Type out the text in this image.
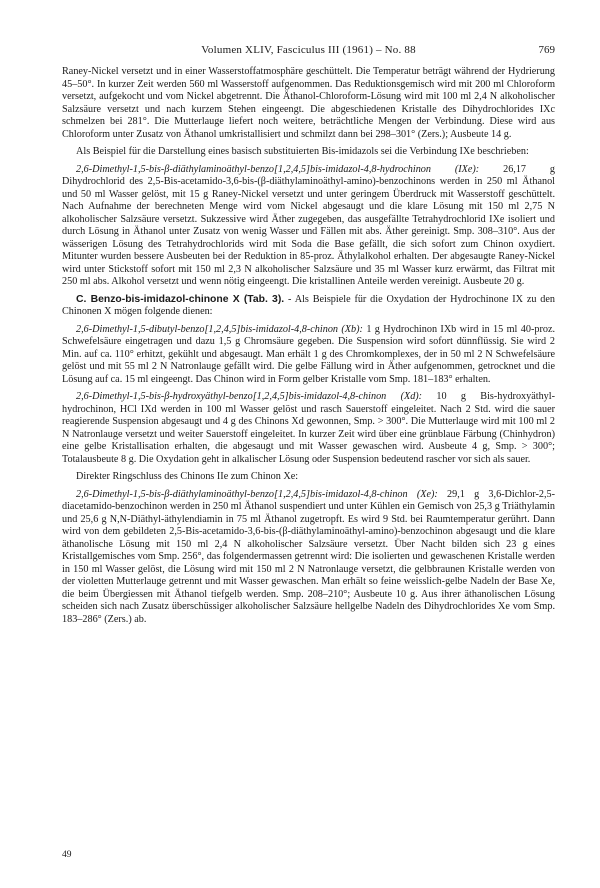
Volumen XLIV, Fasciculus III (1961) – No. 88	769

Raney-Nickel versetzt und in einer Wasserstoffatmosphäre geschüttelt. Die Temperatur beträgt während der Hydrierung 45–50°. In kurzer Zeit werden 560 ml Wasserstoff aufgenommen. Das Reduktionsgemisch wird mit 200 ml Chloroform versetzt, aufgekocht und vom Nickel abgetrennt. Die Äthanol-Chloroform-Lösung wird mit 100 ml 2,4 N alkoholischer Salzsäure versetzt und nach kurzem Stehen eingeengt. Die abgeschiedenen Kristalle des Dihydrochlorides IXc schmelzen bei 281°. Die Mutterlauge liefert noch weitere, beträchtliche Mengen der Verbindung. Diese wird aus Chloroform unter Zusatz von Äthanol umkristallisiert und schmilzt dann bei 298–301° (Zers.); Ausbeute 14 g.

Als Beispiel für die Darstellung eines basisch substituierten Bis-imidazols sei die Verbindung IXe beschrieben:

2,6-Dimethyl-1,5-bis-β-diäthylaminoäthyl-benzo[1,2,4,5]bis-imidazol-4,8-hydrochinon (IXe): 26,17 g Dihydrochlorid des 2,5-Bis-acetamido-3,6-bis-(β-diäthylaminoäthyl-amino)-benzochinons werden in 250 ml Äthanol und 50 ml Wasser gelöst, mit 15 g Raney-Nickel versetzt und unter geringem Überdruck mit Wasserstoff geschüttelt. Nach Aufnahme der berechneten Menge wird vom Nickel abgesaugt und die klare Lösung mit 150 ml 2,75 N alkoholischer Salzsäure versetzt. Sukzessive wird Äther zugegeben, das ausgefällte Tetrahydrochlorid IXe isoliert und durch Lösung in Äthanol unter Zusatz von wenig Wasser und Fällen mit abs. Äther gereinigt. Smp. 308–310°. Aus der wässerigen Lösung des Tetrahydrochlorids wird mit Soda die Base gefällt, die sich sofort zum Chinon oxydiert. Mitunter wurden bessere Ausbeuten bei der Reduktion in 85-proz. Äthylalkohol erhalten. Der abgesaugte Raney-Nickel wird unter Stickstoff sofort mit 150 ml 2,3 N alkoholischer Salzsäure und 35 ml Wasser kurz erwärmt, das Filtrat mit 250 ml abs. Alkohol versetzt und wenn nötig eingeengt. Die kristallinen Anteile werden vereinigt. Ausbeute 20 g.

C. Benzo-bis-imidazol-chinone X (Tab. 3). - Als Beispiele für die Oxydation der Hydrochinone IX zu den Chinonen X mögen folgende dienen:

2,6-Dimethyl-1,5-dibutyl-benzo[1,2,4,5]bis-imidazol-4,8-chinon (Xb): 1 g Hydrochinon IXb wird in 15 ml 40-proz. Schwefelsäure eingetragen und dazu 1,5 g Chromsäure gegeben. Die Suspension wird sofort dünnflüssig. Sie wird 2 Min. auf ca. 110° erhitzt, gekühlt und abgesaugt. Man erhält 1 g des Chromkomplexes, der in 50 ml 2 N Schwefelsäure gelöst und mit 55 ml 2 N Natronlauge gefällt wird. Die gelbe Fällung wird in Äther aufgenommen, getrocknet und die Lösung auf ca. 15 ml eingeengt. Das Chinon wird in Form gelber Kristalle vom Smp. 181–183° erhalten.

2,6-Dimethyl-1,5-bis-β-hydroxyäthyl-benzo[1,2,4,5]bis-imidazol-4,8-chinon (Xd): 10 g Bis-hydroxyäthyl-hydrochinon, HCl IXd werden in 100 ml Wasser gelöst und rasch Sauerstoff eingeleitet. Nach 2 Std. wird die sauer reagierende Suspension abgesaugt und 4 g des Chinons Xd gewonnen, Smp. > 300°. Die Mutterlauge wird mit 100 ml 2 N Natronlauge versetzt und weiter Sauerstoff eingeleitet. In kurzer Zeit wird über eine grünblaue Färbung (Chinhydron) eine gelbe Kristallisation erhalten, die abgesaugt und mit Wasser gewaschen wird. Ausbeute 4 g, Smp. > 300°; Totalausbeute 8 g. Die Oxydation geht in alkalischer Lösung oder Suspension bedeutend rascher vor sich als sauer.

Direkter Ringschluss des Chinons IIe zum Chinon Xe:

2,6-Dimethyl-1,5-bis-β-diäthylaminoäthyl-benzo[1,2,4,5]bis-imidazol-4,8-chinon (Xe): 29,1 g 3,6-Dichlor-2,5-diacetamido-benzochinon werden in 250 ml Äthanol suspendiert und unter Kühlen ein Gemisch von 25,3 g Triäthylamin und 25,6 g N,N-Diäthyl-äthylendiamin in 75 ml Äthanol zugetropft. Es wird 9 Std. bei Raumtemperatur gerührt. Dann wird von dem gebildeten 2,5-Bis-acetamido-3,6-bis-(β-diäthylaminoäthyl-amino)-benzochinon abgesaugt und die klare äthanolische Lösung mit 150 ml 2,4 N alkoholischer Salzsäure versetzt. Über Nacht bilden sich 23 g eines Kristallgemisches vom Smp. 256°, das folgendermassen getrennt wird: Die isolierten und gewaschenen Kristalle werden in 150 ml Wasser gelöst, die Lösung wird mit 150 ml 2 N Natronlauge versetzt, die gelbbraunen Kristalle werden von der violetten Mutterlauge getrennt und mit Wasser gewaschen. Man erhält so feine weisslich-gelbe Nadeln der Base Xe, die beim Übergiessen mit Äthanol tiefgelb werden. Smp. 208–210°; Ausbeute 10 g. Aus ihrer äthanolischen Lösung scheiden sich nach Zusatz überschüssiger alkoholischer Salzsäure hellgelbe Nadeln des Dihydrochlorides Xe vom Smp. 183–286° (Zers.) ab.

49
